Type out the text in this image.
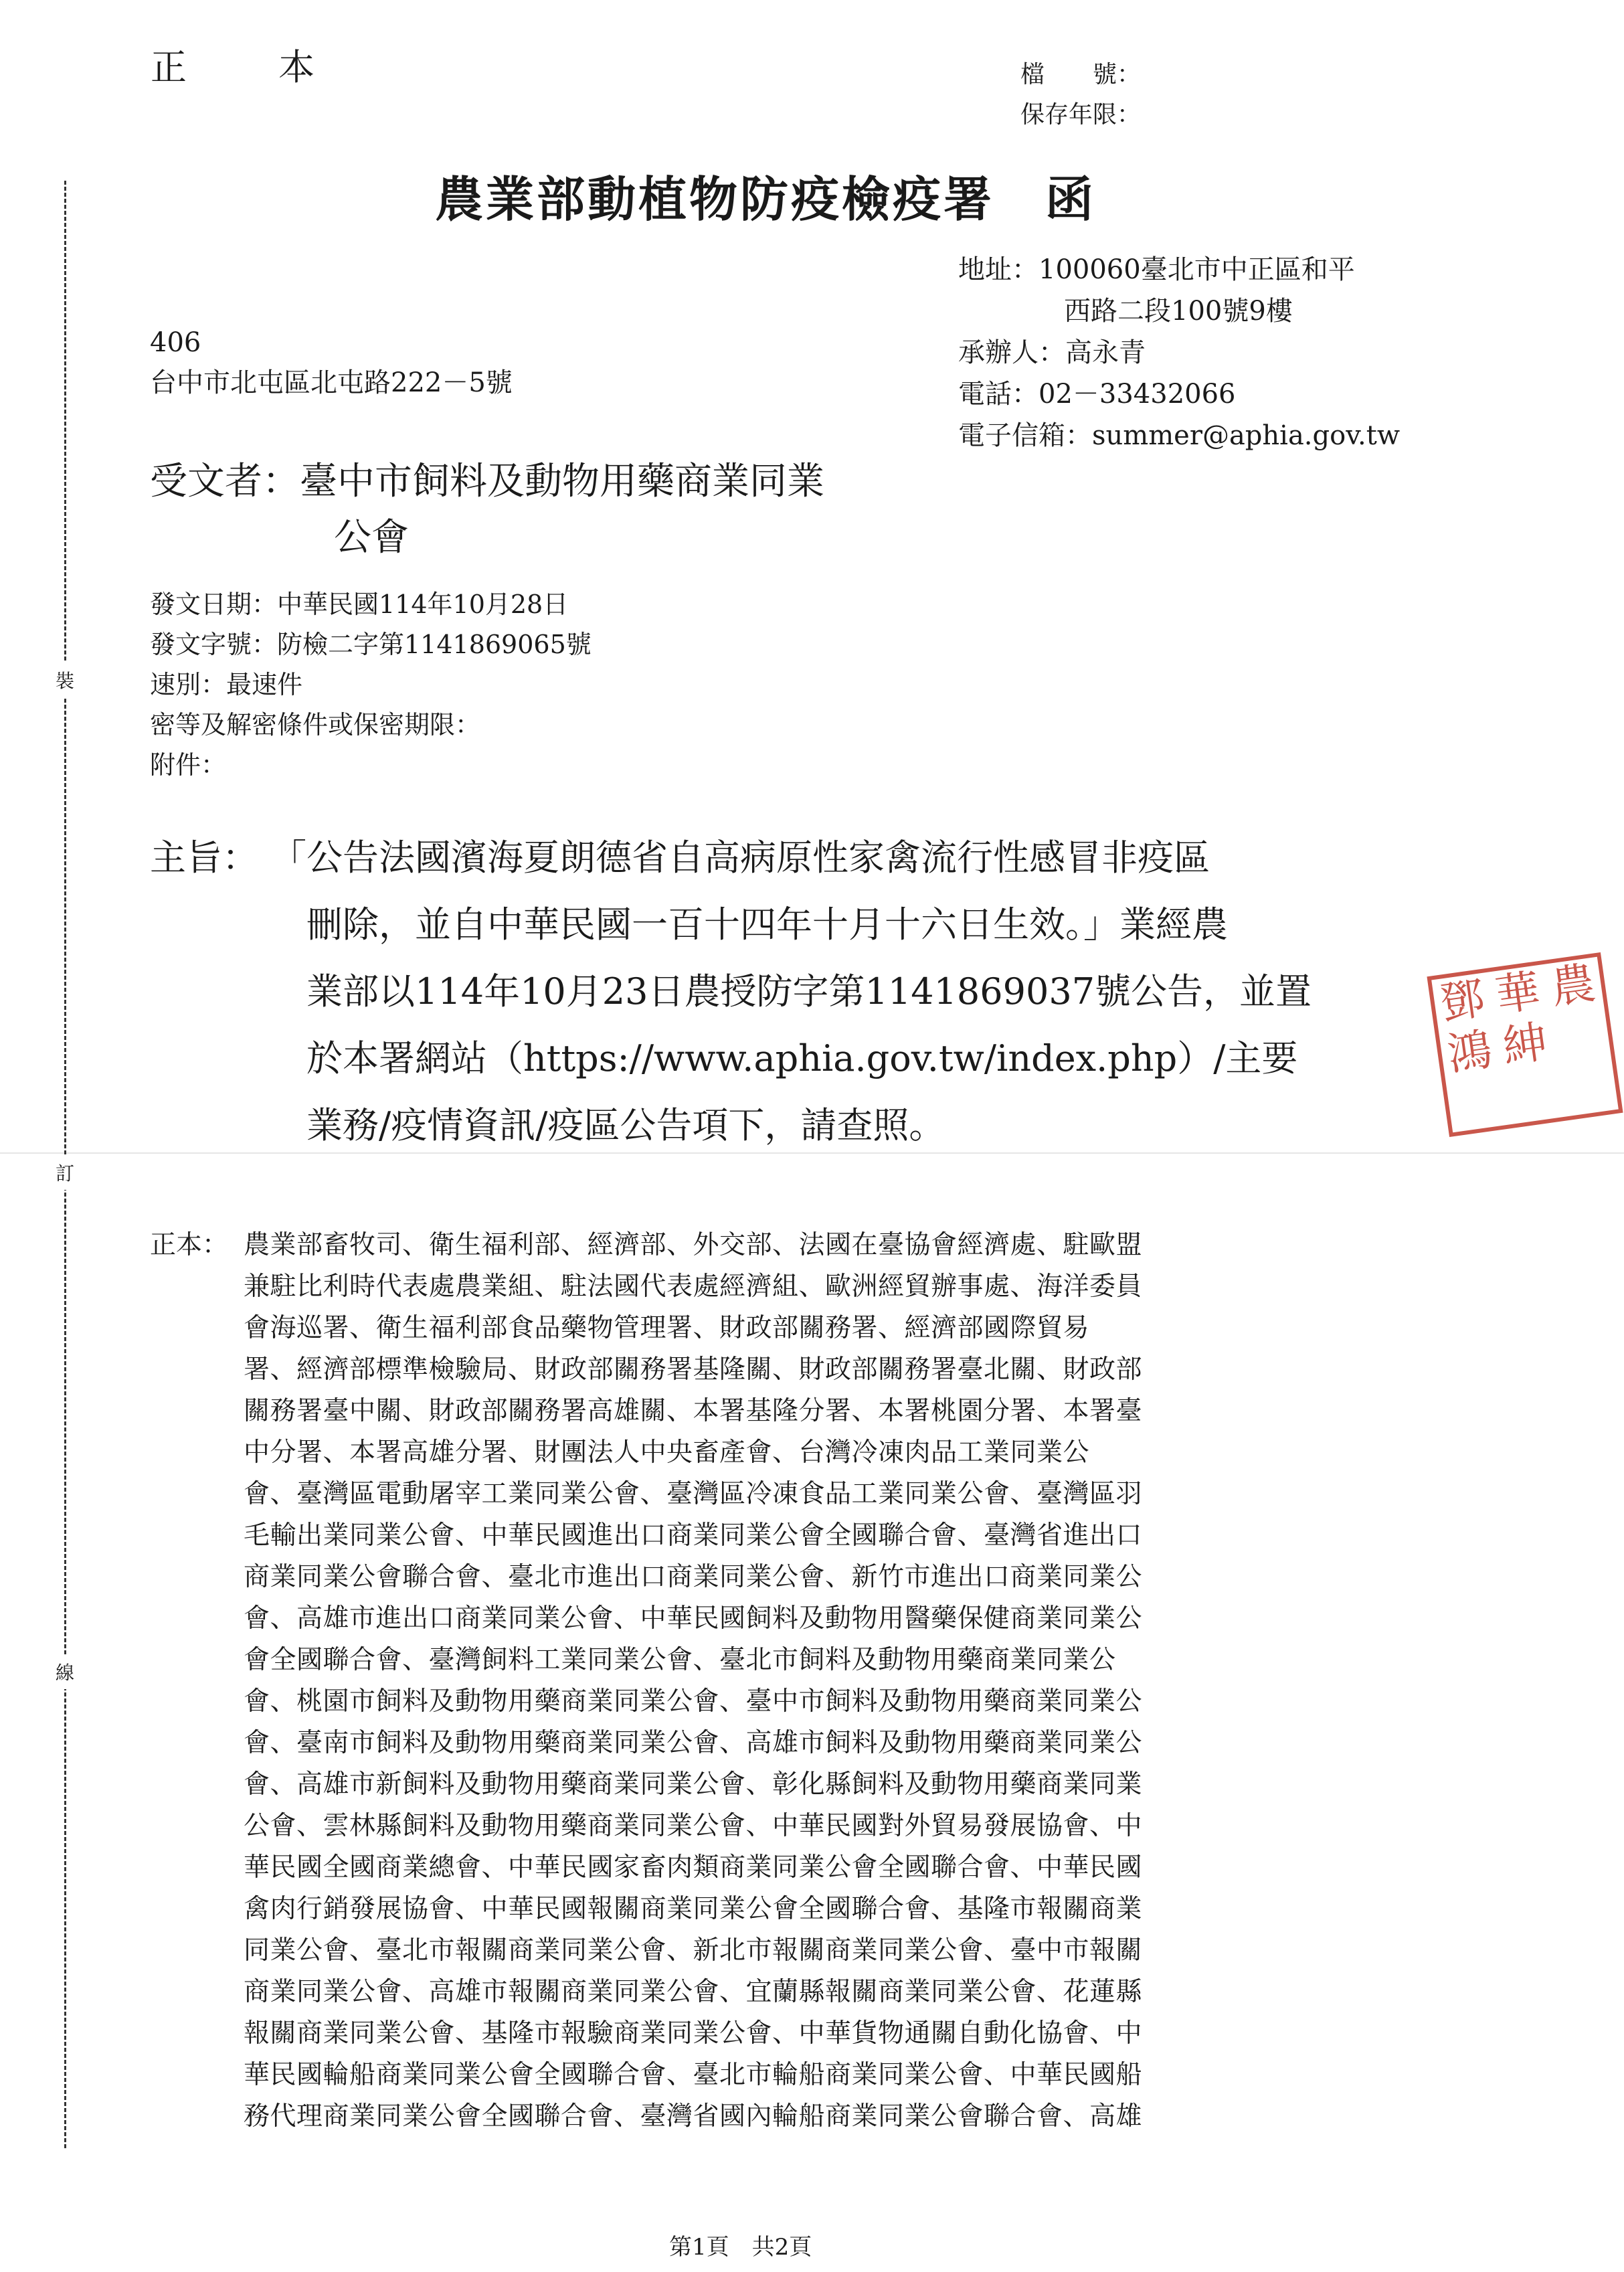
裝
訂
線
正 本	檔　　號：
保存年限：
農業部動植物防疫檢疫署　函
地址：100060臺北市中正區和平
西路二段100號9樓
承辦人：高永青
電話：02－33432066
電子信箱：summer@aphia.gov.tw
406
台中市北屯區北屯路222－5號
受文者：臺中市飼料及動物用藥商業同業
公會
發文日期：中華民國114年10月28日
發文字號：防檢二字第1141869065號
速別：最速件
密等及解密條件或保密期限：
附件：
主旨： 「公告法國濱海夏朗德省自高病原性家禽流行性感冒非疫區
　刪除，並自中華民國一百十四年十月十六日生效。」業經農
　業部以114年10月23日農授防字第1141869037號公告，並置
　於本署網站（https://www.aphia.gov.tw/index.php）/主要
　業務/疫情資訊/疫區公告項下，請查照。
鄧 華 農
鴻 紳
正本： 農業部畜牧司、衛生福利部、經濟部、外交部、法國在臺協會經濟處、駐歐盟
兼駐比利時代表處農業組、駐法國代表處經濟組、歐洲經貿辦事處、海洋委員
會海巡署、衛生福利部食品藥物管理署、財政部關務署、經濟部國際貿易
署、經濟部標準檢驗局、財政部關務署基隆關、財政部關務署臺北關、財政部
關務署臺中關、財政部關務署高雄關、本署基隆分署、本署桃園分署、本署臺
中分署、本署高雄分署、財團法人中央畜產會、台灣冷凍肉品工業同業公
會、臺灣區電動屠宰工業同業公會、臺灣區冷凍食品工業同業公會、臺灣區羽
毛輸出業同業公會、中華民國進出口商業同業公會全國聯合會、臺灣省進出口
商業同業公會聯合會、臺北市進出口商業同業公會、新竹市進出口商業同業公
會、高雄市進出口商業同業公會、中華民國飼料及動物用醫藥保健商業同業公
會全國聯合會、臺灣飼料工業同業公會、臺北市飼料及動物用藥商業同業公
會、桃園市飼料及動物用藥商業同業公會、臺中市飼料及動物用藥商業同業公
會、臺南市飼料及動物用藥商業同業公會、高雄市飼料及動物用藥商業同業公
會、高雄市新飼料及動物用藥商業同業公會、彰化縣飼料及動物用藥商業同業
公會、雲林縣飼料及動物用藥商業同業公會、中華民國對外貿易發展協會、中
華民國全國商業總會、中華民國家畜肉類商業同業公會全國聯合會、中華民國
禽肉行銷發展協會、中華民國報關商業同業公會全國聯合會、基隆市報關商業
同業公會、臺北市報關商業同業公會、新北市報關商業同業公會、臺中市報關
商業同業公會、高雄市報關商業同業公會、宜蘭縣報關商業同業公會、花蓮縣
報關商業同業公會、基隆市報驗商業同業公會、中華貨物通關自動化協會、中
華民國輪船商業同業公會全國聯合會、臺北市輪船商業同業公會、中華民國船
務代理商業同業公會全國聯合會、臺灣省國內輪船商業同業公會聯合會、高雄
第1頁　共2頁
